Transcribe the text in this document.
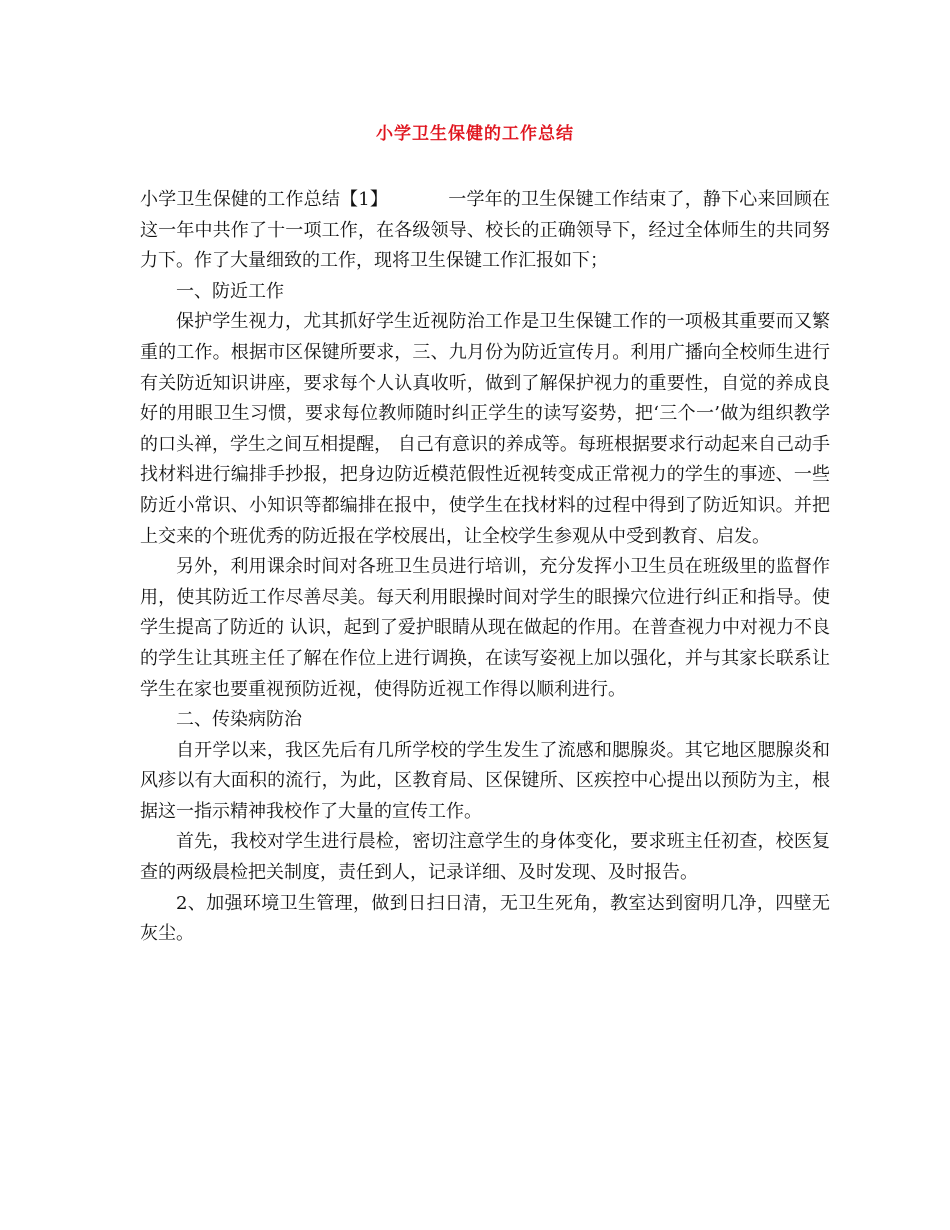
小学卫生保健的工作总结

小学卫生保健的工作总结【1】	一学年的卫生保键工作结束了，静下心来回顾在这一年中共作了十一项工作，在各级领导、校长的正确领导下，经过全体师生的共同努力下。作了大量细致的工作，现将卫生保键工作汇报如下；

一、防近工作

保护学生视力，尤其抓好学生近视防治工作是卫生保键工作的一项极其重要而又繁重的工作。根据市区保键所要求，三、九月份为防近宣传月。利用广播向全校师生进行有关防近知识讲座，要求每个人认真收听，做到了解保护视力的重要性，自觉的养成良好的用眼卫生习惯，要求每位教师随时纠正学生的读写姿势，把‘三个一’做为组织教学的口头禅，学生之间互相提醒， 自己有意识的养成等。每班根据要求行动起来自己动手找材料进行编排手抄报，把身边防近模范假性近视转变成正常视力的学生的事迹、一些防近小常识、小知识等都编排在报中，使学生在找材料的过程中得到了防近知识。并把上交来的个班优秀的防近报在学校展出，让全校学生参观从中受到教育、启发。

另外，利用课余时间对各班卫生员进行培训，充分发挥小卫生员在班级里的监督作用，使其防近工作尽善尽美。每天利用眼操时间对学生的眼操穴位进行纠正和指导。使学生提高了防近的 认识，起到了爱护眼睛从现在做起的作用。在普查视力中对视力不良的学生让其班主任了解在作位上进行调换，在读写姿视上加以强化，并与其家长联系让学生在家也要重视预防近视，使得防近视工作得以顺利进行。

二、传染病防治

自开学以来，我区先后有几所学校的学生发生了流感和腮腺炎。其它地区腮腺炎和风疹以有大面积的流行，为此，区教育局、区保键所、区疾控中心提出以预防为主，根据这一指示精神我校作了大量的宣传工作。

首先，我校对学生进行晨检，密切注意学生的身体变化，要求班主任初查，校医复查的两级晨检把关制度，责任到人，记录详细、及时发现、及时报告。

2、加强环境卫生管理，做到日扫日清，无卫生死角，教室达到窗明几净，四壁无灰尘。
